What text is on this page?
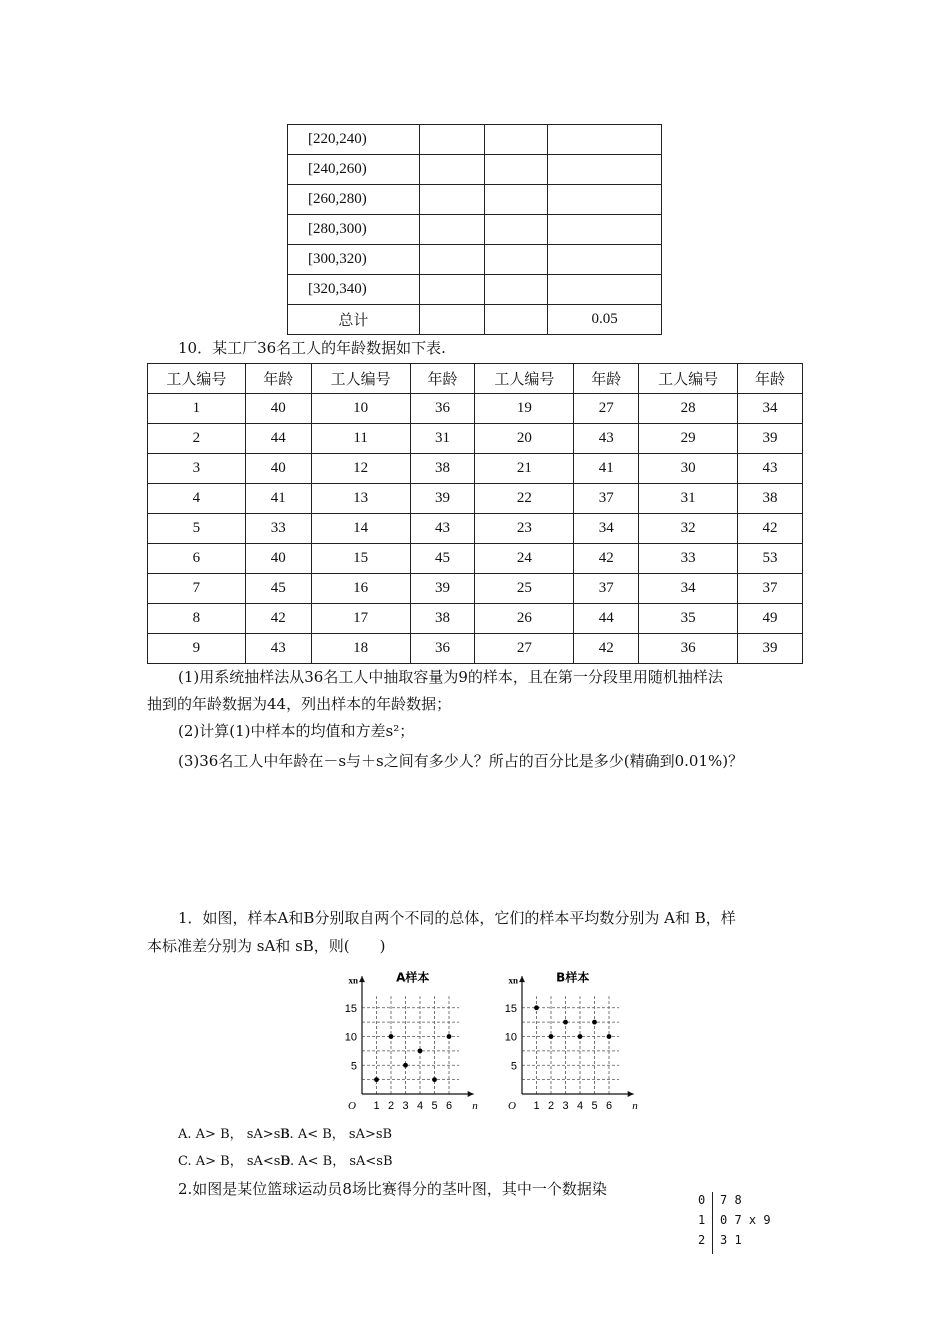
[220,240)			
[240,260)			
[260,280)			
[280,300)			
[300,320)			
[320,340)			
总计			0.05
10．某工厂36名工人的年龄数据如下表.
工人编号	年龄	工人编号	年龄	工人编号	年龄	工人编号	年龄
1	40	10	36	19	27	28	34
2	44	11	31	20	43	29	39
3	40	12	38	21	41	30	43
4	41	13	39	22	37	31	38
5	33	14	43	23	34	32	42
6	40	15	45	24	42	33	53
7	45	16	39	25	37	34	37
8	42	17	38	26	44	35	49
9	43	18	36	27	42	36	39
(1)用系统抽样法从36名工人中抽取容量为9的样本，且在第一分段里用随机抽样法
抽到的年龄数据为44，列出样本的年龄数据；
(2)计算(1)中样本的均值和方差s²；
(3)36名工人中年龄在－s与＋s之间有多少人？所占的百分比是多少(精确到0.01%)？
1．如图，样本A和B分别取自两个不同的总体，它们的样本平均数分别为 A和 B，样
本标准差分别为 sA和 sB，则(　　)
O	n
xn	A样本
1 2 3 4 5 6
5
10
15
O	n
xn	B样本
1 2 3 4 5 6
5
10
15
A. A> B， sA>sB
B. A< B， sA>sB
C. A> B， sA<sB
D. A< B， sA<sB
2.如图是某位篮球运动员8场比赛得分的茎叶图，其中一个数据染
0 7 8
1 0 7 x 9
2 3 1
